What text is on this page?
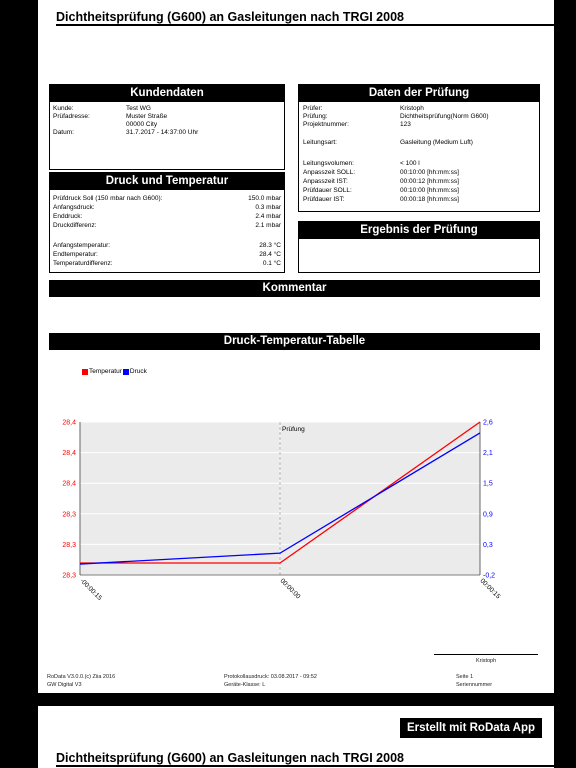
Dichtheitsprüfung (G600) an Gasleitungen nach TRGI 2008
Kundendaten
Kunde:	Test WG
Prüfadresse:	Muster Straße
00000 City
Datum:	31.7.2017 - 14:37:00 Uhr
Daten der Prüfung
Prüfer:	Kristoph
Prüfung:	Dichtheitsprüfung(Norm G600)
Projektnummer:	123
Leitungsart:	Gasleitung (Medium Luft)
Leitungsvolumen:	< 100 l
Anpasszeit SOLL:	00:10:00 [hh:mm:ss]
Anpasszeit IST:	00:00:12 [hh:mm:ss]
Prüfdauer SOLL:	00:10:00 [hh:mm:ss]
Prüfdauer IST:	00:00:18 [hh:mm:ss]
Druck und Temperatur
Prüfdruck Soll (150 mbar nach G600):	150.0 mbar
Anfangsdruck:	0.3 mbar
Enddruck:	2.4 mbar
Druckdifferenz:	2.1 mbar
Anfangstemperatur:	28.3 °C
Endtemperatur:	28.4 °C
Temperaturdifferenz:	0.1 °C
Ergebnis der Prüfung
Kommentar
Druck-Temperatur-Tabelle
Temperatur Druck
28,4	2,6
28,4	2,1
28,4	1,5
28,3	0,9
28,3	0,3
28,3	-0,2
-00:00:15	00:00:00	00:00:15
Prüfung
Kristoph
RoData V3.0.0.(c) Ziia 2016
GW Digital V3
Protokollausdruck: 03.08.2017 - 09:52
Geräte-Klasse: L
Seite 1
Seriennummer
Erstellt mit RoData App
Dichtheitsprüfung (G600) an Gasleitungen nach TRGI 2008
